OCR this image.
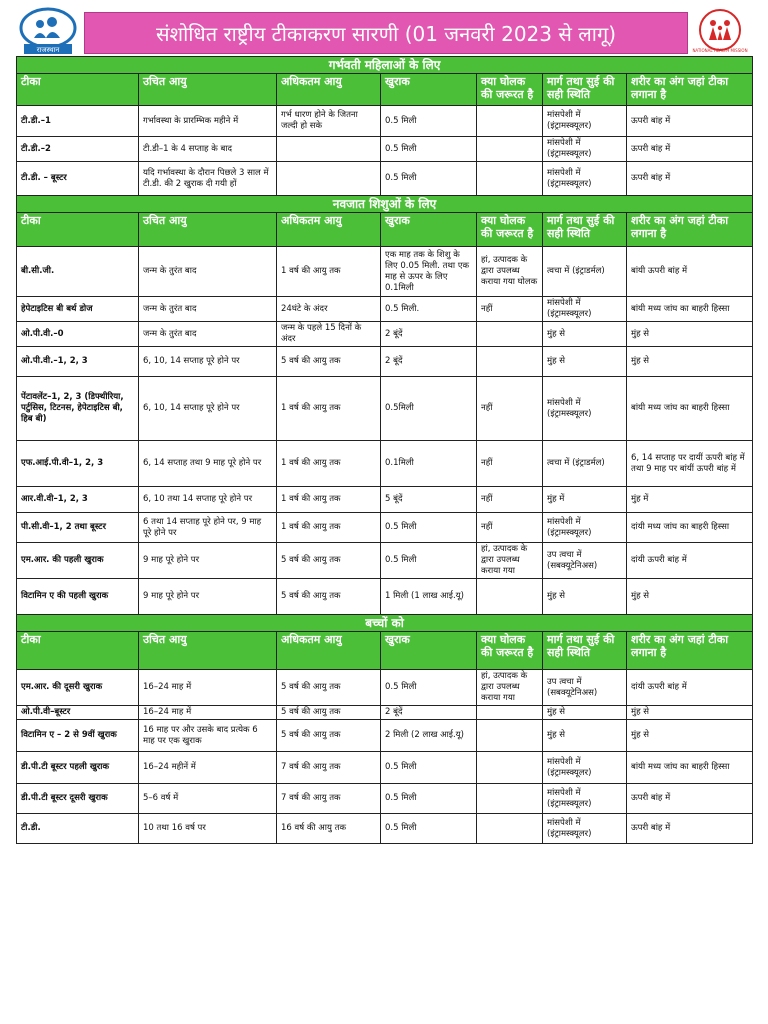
राजस्थान
संशोधित राष्ट्रीय टीकाकरण सारणी (01 जनवरी 2023 से लागू)
NATIONAL HEALTH MISSION
गर्भवती महिलाओं के लिए						
टीका	उचित आयु	अधिकतम आयु	खुराक	क्या घोलक की जरूरत है	मार्ग तथा सुई की सही स्थिति	शरीर का अंग जहां टीका लगाना है

टी.डी.–1	गर्भावस्था के प्रारम्भिक महीने में	गर्भ धारण होने के जितना जल्दी हो सके	0.5 मिली		मांसपेशी में (इंट्रामस्क्यूलर)	ऊपरी बांह में

टी.डी.–2	टी.डी–1 के 4 सप्ताह के बाद		0.5 मिली		मांसपेशी में (इंट्रामस्क्यूलर)	ऊपरी बांह में

टी.डी. – बूस्टर	यदि गर्भावस्था के दौरान पिछले 3 साल में टी.डी. की 2 खुराक दी गयी हों		0.5 मिली		मांसपेशी में (इंट्रामस्क्यूलर)	ऊपरी बांह में

नवजात शिशुओं के लिए						
टीका	उचित आयु	अधिकतम आयु	खुराक	क्या घोलक की जरूरत है	मार्ग तथा सुई की सही स्थिति	शरीर का अंग जहां टीका लगाना है

बी.सी.जी.	जन्म के तुरंत बाद	1 वर्ष की आयु तक	एक माह तक के शिशु के लिए 0.05 मिली. तथा एक माह से ऊपर के लिए 0.1मिली	हां, उत्पादक के द्वारा उपलब्ध कराया गया घोलक	त्वचा में (इंट्राडर्मल)	बांयी ऊपरी बांह में

हेपेटाइटिस बी बर्थ डोज	जन्म के तुरंत बाद	24घंटे के अंदर	0.5 मिली.	नहीं	मांसपेशी में (इंट्रामस्क्यूलर)	बांयी मध्य जांघ का बाहरी हिस्सा

ओ.पी.वी.–0	जन्म के तुरंत बाद	जन्म के पहले 15 दिनों के अंदर	2 बूंदें		मुंह से	मुंह से

ओ.पी.वी.–1, 2, 3	6, 10, 14 सप्ताह पूरे होने पर	5 वर्ष की आयु तक	2 बूंदें		मुंह से	मुंह से

पेंटावलेंट–1, 2, 3 (डिफ्थीरिया, पर्टुसिस, टिटनस, हेपेटाइटिस बी, हिब बी)	6, 10, 14 सप्ताह पूरे होने पर	1 वर्ष की आयु तक	0.5मिली	नहीं	मांसपेशी में (इंट्रामस्क्यूलर)	बांयी मध्य जांघ का बाहरी हिस्सा

एफ.आई.पी.वी–1, 2, 3	6, 14 सप्ताह तथा 9 माह पूरे होने पर	1 वर्ष की आयु तक	0.1मिली	नहीं	त्वचा में (इंट्राडर्मल)	6, 14 सप्ताह पर दायीं ऊपरी बांह में तथा 9 माह पर बांयीं ऊपरी बांह में

आर.वी.वी–1, 2, 3	6, 10 तथा 14 सप्ताह पूरे होने पर	1 वर्ष की आयु तक	5 बूंदें	नहीं	मुंह में	मुंह में

पी.सी.वी–1, 2 तथा बूस्टर	6 तथा 14 सप्ताह पूरे होने पर, 9 माह पूरे होने पर	1 वर्ष की आयु तक	0.5 मिली	नहीं	मांसपेशी में (इंट्रामस्क्यूलर)	दांयी मध्य जांघ का बाहरी हिस्सा

एम.आर. की पहली खुराक	9 माह पूरे होने पर	5 वर्ष की आयु तक	0.5 मिली	हां, उत्पादक के द्वारा उपलब्ध कराया गया	उप त्वचा में (सबक्यूटेनिअस)	दांयी ऊपरी बांह में

विटामिन ए की पहली खुराक	9 माह पूरे होने पर	5 वर्ष की आयु तक	1 मिली (1 लाख आई.यू)		मुंह से	मुंह से

बच्चों को						
टीका	उचित आयु	अधिकतम आयु	खुराक	क्या घोलक की जरूरत है	मार्ग तथा सुई की सही स्थिति	शरीर का अंग जहां टीका लगाना है

एम.आर. की दूसरी खुराक	16–24 माह में	5 वर्ष की आयु तक	0.5 मिली	हां, उत्पादक के द्वारा उपलब्ध कराया गया	उप त्वचा में (सबक्यूटेनिअस)	दांयी ऊपरी बांह में

ओ.पी.वी–बूस्टर	16–24 माह में	5 वर्ष की आयु तक	2 बूंदें		मुंह से	मुंह से

विटामिन ए – 2 से 9वीं खुराक	16 माह पर और उसके बाद प्रत्येक 6 माह पर एक खुराक	5 वर्ष की आयु तक	2 मिली (2 लाख आई.यू)		मुंह से	मुंह से

डी.पी.टी बूस्टर पहली खुराक	16–24 महीनें में	7 वर्ष की आयु तक	0.5 मिली		मांसपेशी में (इंट्रामस्क्यूलर)	बांयी मध्य जांघ का बाहरी हिस्सा

डी.पी.टी बूस्टर दूसरी खुराक	5–6 वर्ष में	7 वर्ष की आयु तक	0.5 मिली		मांसपेशी में (इंट्रामस्क्यूलर)	ऊपरी बांह में

टी.डी.	10 तथा 16 वर्ष पर	16 वर्ष की आयु तक	0.5 मिली		मांसपेशी में (इंट्रामस्क्यूलर)	ऊपरी बांह में
